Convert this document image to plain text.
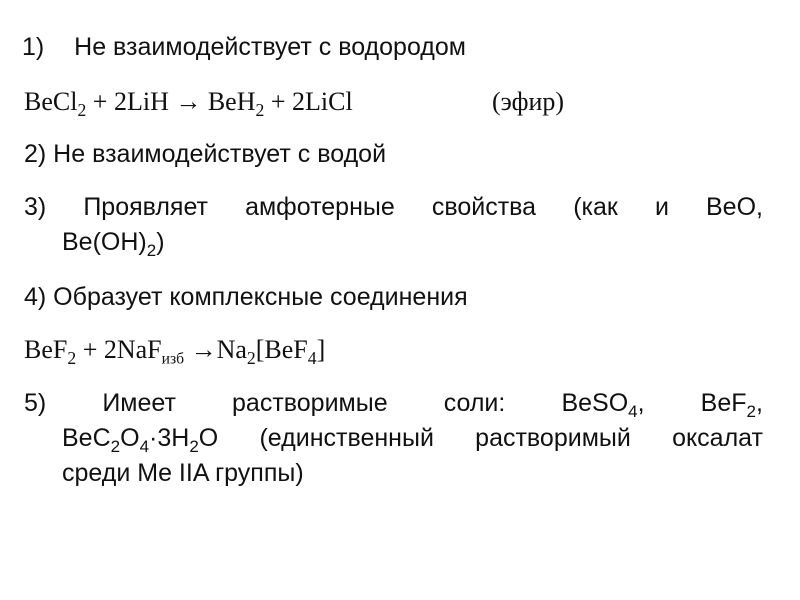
1) Не взаимодействует с водородом
BeCl$_2$ + 2LiH → BeH$_2$ + 2LiCl	(эфир)
2) Не взаимодействует с водой
3) Проявляет амфотерные свойства (как и BeO,
$Be(OH)_2$)
4) Образует комплексные соединения
$BeF_2 + 2NaF_{изб} \to Na_2[BeF_4]$
5) Имеет растворимые соли: BeSO$_4$, BeF$_2$,
$BeC_2O_4\cdot 3H_2O$ (единственный растворимый оксалат
среди Me IIA группы)
